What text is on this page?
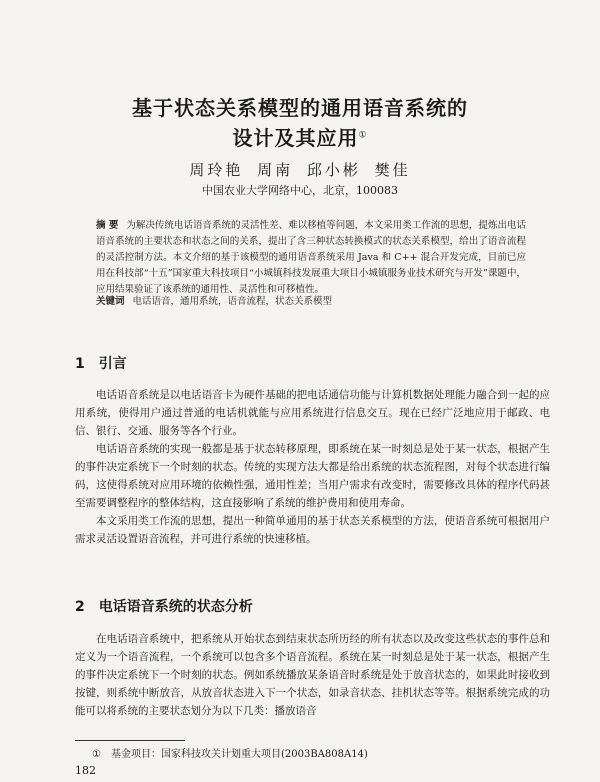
基于状态关系模型的通用语音系统的
设计及其应用①
周玲艳 周南 邱小彬 樊佳
中国农业大学网络中心，北京，100083
摘 要 为解决传统电话语音系统的灵活性差、难以移植等问题，本文采用类工作流的思想，提炼出电话语音系统的主要状态和状态之间的关系，提出了含三种状态转换模式的状态关系模型，给出了语音流程的灵活控制方法。本文介绍的基于该模型的通用语音系统采用 Java 和 C++ 混合开发完成，目前已应用在科技部“十五”国家重大科技项目“小城镇科技发展重大项目小城镇服务业技术研究与开发”课题中，应用结果验证了该系统的通用性、灵活性和可移植性。
关键词 电话语音，通用系统，语音流程，状态关系模型
1 引言

电话语音系统是以电话语音卡为硬件基础的把电话通信功能与计算机数据处理能力融合到一起的应用系统，使得用户通过普通的电话机就能与应用系统进行信息交互。现在已经广泛地应用于邮政、电信、银行、交通、服务等各个行业。

电话语音系统的实现一般都是基于状态转移原理，即系统在某一时刻总是处于某一状态，根据产生的事件决定系统下一个时刻的状态。传统的实现方法大都是给出系统的状态流程图，对每个状态进行编码，这使得系统对应用环境的依赖性强，通用性差；当用户需求有改变时，需要修改具体的程序代码甚至需要调整程序的整体结构，这直接影响了系统的维护费用和使用寿命。

本文采用类工作流的思想，提出一种简单通用的基于状态关系模型的方法，使语音系统可根据用户需求灵活设置语音流程，并可进行系统的快速移植。

2 电话语音系统的状态分析

在电话语音系统中，把系统从开始状态到结束状态所历经的所有状态以及改变这些状态的事件总和定义为一个语音流程，一个系统可以包含多个语音流程。系统在某一时刻总是处于某一状态，根据产生的事件决定系统下一个时刻的状态。例如系统播放某条语音时系统是处于放音状态的，如果此时接收到按键，则系统中断放音，从放音状态进入下一个状态，如录音状态、挂机状态等等。根据系统完成的功能可以将系统的主要状态划分为以下几类：播放语音

① 基金项目：国家科技攻关计划重大项目(2003BA808A14)
182
